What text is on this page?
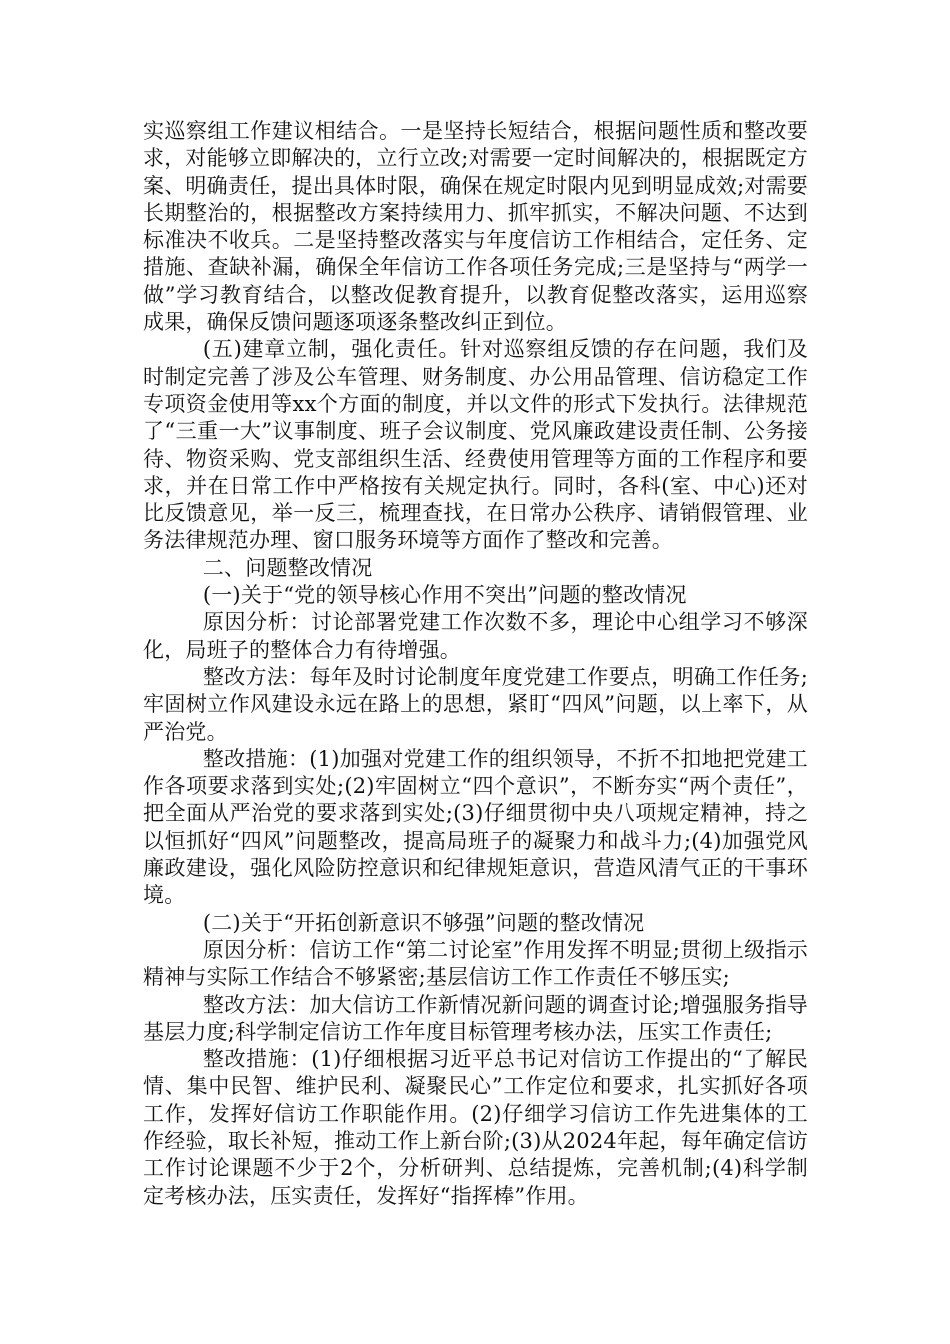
实巡察组工作建议相结合。一是坚持长短结合，根据问题性质和整改要求，对能够立即解决的，立行立改;对需要一定时间解决的，根据既定方案、明确责任，提出具体时限，确保在规定时限内见到明显成效;对需要长期整治的，根据整改方案持续用力、抓牢抓实，不解决问题、不达到标准决不收兵。二是坚持整改落实与年度信访工作相结合，定任务、定措施、查缺补漏，确保全年信访工作各项任务完成;三是坚持与“两学一做”学习教育结合，以整改促教育提升，以教育促整改落实，运用巡察成果，确保反馈问题逐项逐条整改纠正到位。

(五)建章立制，强化责任。针对巡察组反馈的存在问题，我们及时制定完善了涉及公车管理、财务制度、办公用品管理、信访稳定工作专项资金使用等xx个方面的制度，并以文件的形式下发执行。法律规范了“三重一大”议事制度、班子会议制度、党风廉政建设责任制、公务接待、物资采购、党支部组织生活、经费使用管理等方面的工作程序和要求，并在日常工作中严格按有关规定执行。同时，各科(室、中心)还对比反馈意见，举一反三，梳理查找，在日常办公秩序、请销假管理、业务法律规范办理、窗口服务环境等方面作了整改和完善。

二、问题整改情况

(一)关于“党的领导核心作用不突出”问题的整改情况

原因分析：讨论部署党建工作次数不多，理论中心组学习不够深化，局班子的整体合力有待增强。

整改方法：每年及时讨论制度年度党建工作要点，明确工作任务;牢固树立作风建设永远在路上的思想，紧盯“四风”问题，以上率下，从严治党。

整改措施：(1)加强对党建工作的组织领导，不折不扣地把党建工作各项要求落到实处;(2)牢固树立“四个意识”，不断夯实“两个责任”，把全面从严治党的要求落到实处;(3)仔细贯彻中央八项规定精神，持之以恒抓好“四风”问题整改，提高局班子的凝聚力和战斗力;(4)加强党风廉政建设，强化风险防控意识和纪律规矩意识，营造风清气正的干事环境。

(二)关于“开拓创新意识不够强”问题的整改情况

原因分析：信访工作“第二讨论室”作用发挥不明显;贯彻上级指示精神与实际工作结合不够紧密;基层信访工作工作责任不够压实;

整改方法：加大信访工作新情况新问题的调查讨论;增强服务指导基层力度;科学制定信访工作年度目标管理考核办法，压实工作责任;

整改措施：(1)仔细根据习近平总书记对信访工作提出的“了解民情、集中民智、维护民利、凝聚民心”工作定位和要求，扎实抓好各项工作，发挥好信访工作职能作用。(2)仔细学习信访工作先进集体的工作经验，取长补短，推动工作上新台阶;(3)从2024年起，每年确定信访工作讨论课题不少于2个，分析研判、总结提炼，完善机制;(4)科学制定考核办法，压实责任，发挥好“指挥棒”作用。
